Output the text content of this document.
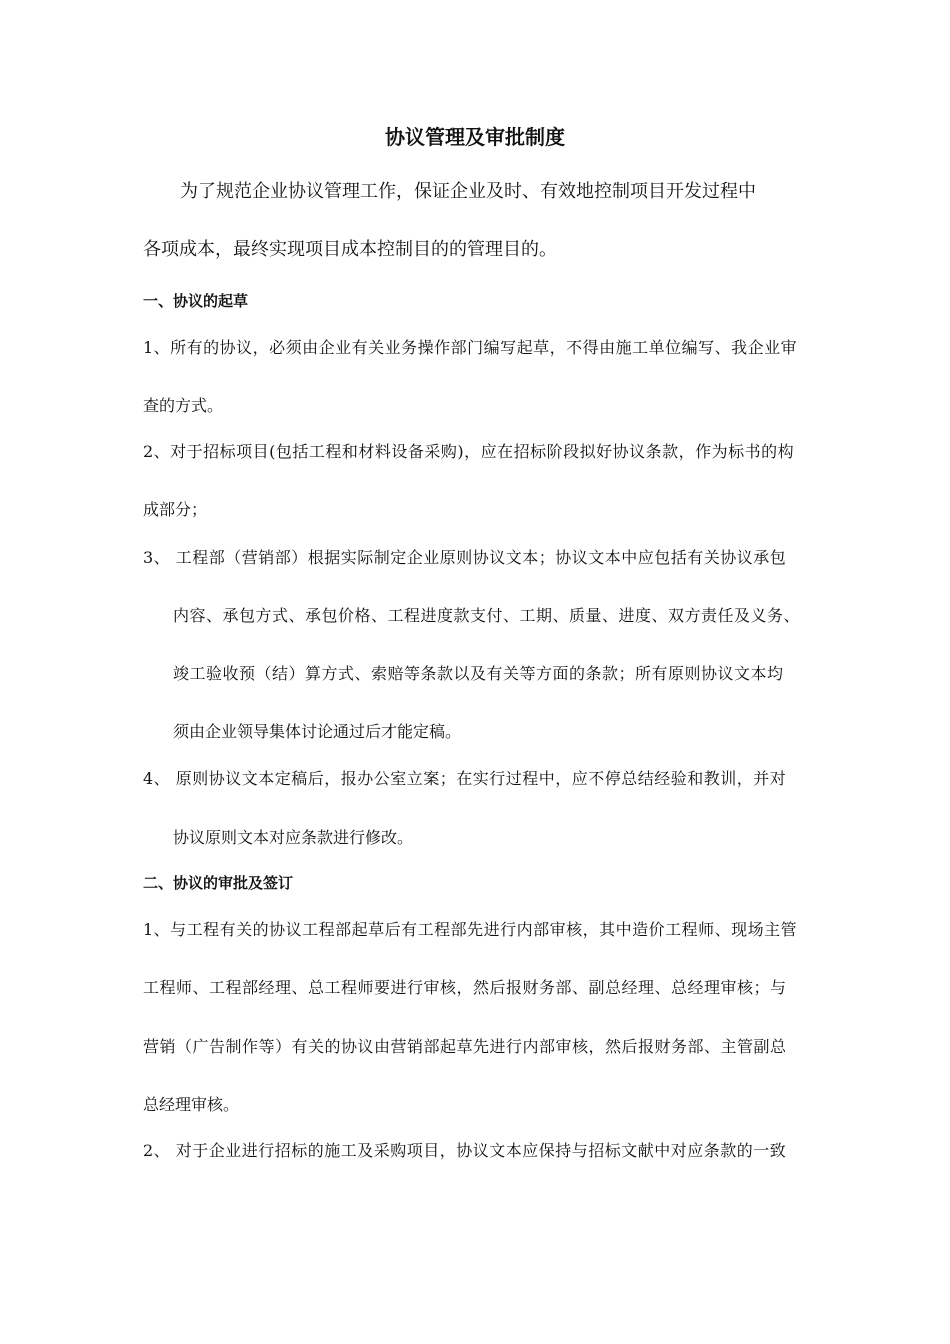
协议管理及审批制度

为了规范企业协议管理工作，保证企业及时、有效地控制项目开发过程中

各项成本，最终实现项目成本控制目的的管理目的。

一、协议的起草

1、所有的协议，必须由企业有关业务操作部门编写起草，不得由施工单位编写、我企业审

查的方式。

2、对于招标项目(包括工程和材料设备采购)，应在招标阶段拟好协议条款，作为标书的构

成部分；

3、 工程部（营销部）根据实际制定企业原则协议文本；协议文本中应包括有关协议承包

内容、承包方式、承包价格、工程进度款支付、工期、质量、进度、双方责任及义务、

竣工验收预（结）算方式、索赔等条款以及有关等方面的条款；所有原则协议文本均

须由企业领导集体讨论通过后才能定稿。

4、 原则协议文本定稿后，报办公室立案；在实行过程中，应不停总结经验和教训，并对

协议原则文本对应条款进行修改。

二、协议的审批及签订

1、与工程有关的协议工程部起草后有工程部先进行内部审核，其中造价工程师、现场主管

工程师、工程部经理、总工程师要进行审核，然后报财务部、副总经理、总经理审核；与

营销（广告制作等）有关的协议由营销部起草先进行内部审核，然后报财务部、主管副总

总经理审核。

2、 对于企业进行招标的施工及采购项目，协议文本应保持与招标文献中对应条款的一致
